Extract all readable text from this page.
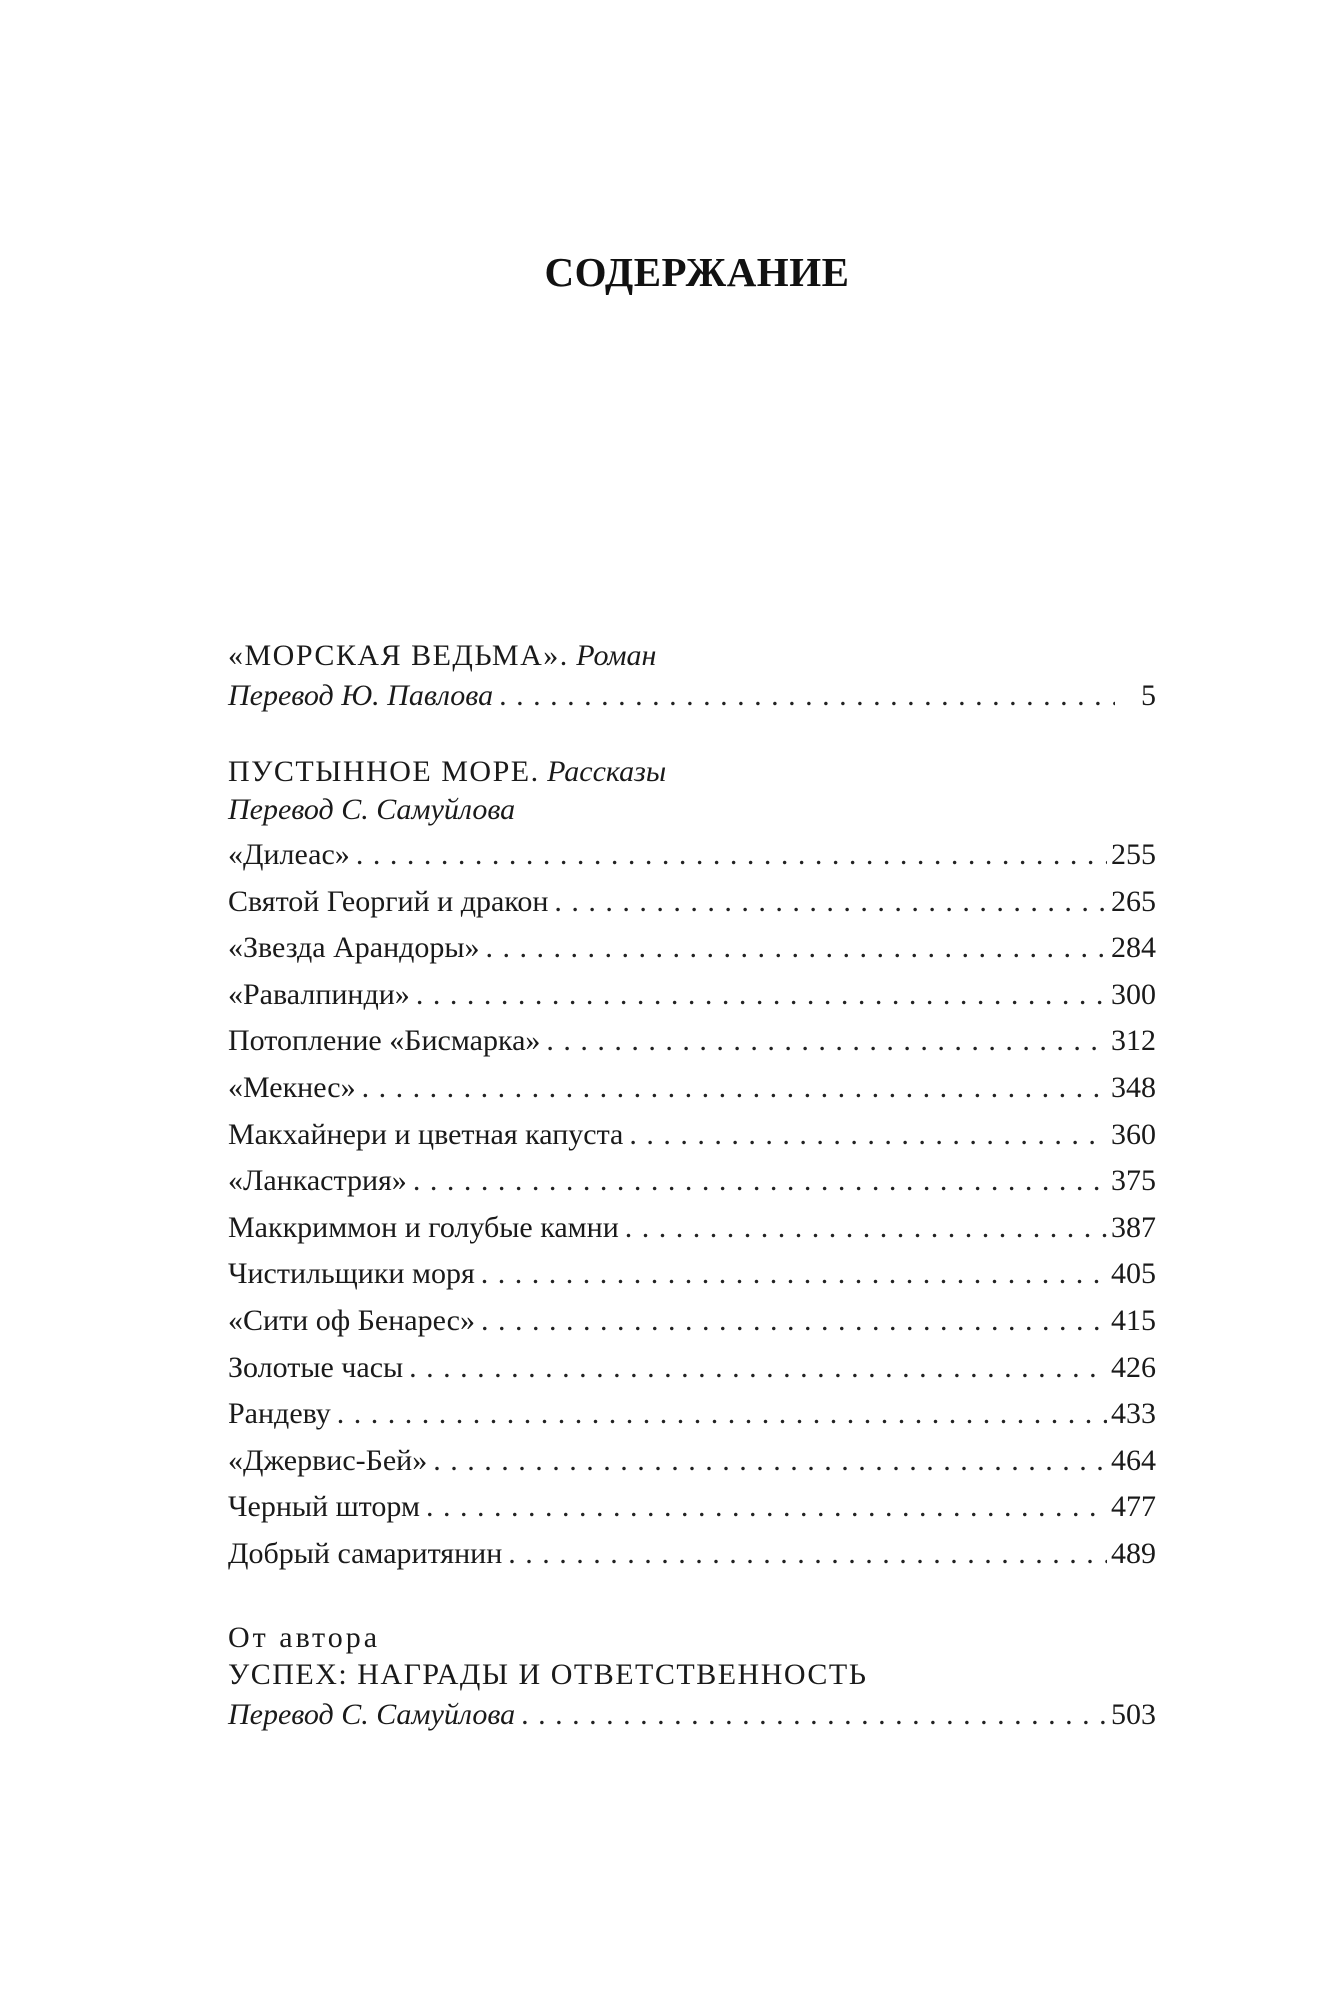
СОДЕРЖАНИЕ
«МОРСКАЯ ВЕДЬМА». Роман
Перевод Ю. Павлова . . .	5
ПУСТЫННОЕ МОРЕ. Рассказы
Перевод С. Самуйлова
«Дилеас» . . .	255
Святой Георгий и дракон . . .	265
«Звезда Арандоры» . . .	284
«Равалпинди» . . .	300
Потопление «Бисмарка» . . .	312
«Мекнес» . . .	348
Макхайнери и цветная капуста . . .	360
«Ланкастрия» . . .	375
Маккриммон и голубые камни . . .	387
Чистильщики моря . . .	405
«Сити оф Бенарес» . . .	415
Золотые часы . . .	426
Рандеву . . .	433
«Джервис-Бей» . . .	464
Черный шторм . . .	477
Добрый самаритянин . . .	489
От автора
УСПЕХ: НАГРАДЫ И ОТВЕТСТВЕННОСТЬ
Перевод С. Самуйлова . . .	503
